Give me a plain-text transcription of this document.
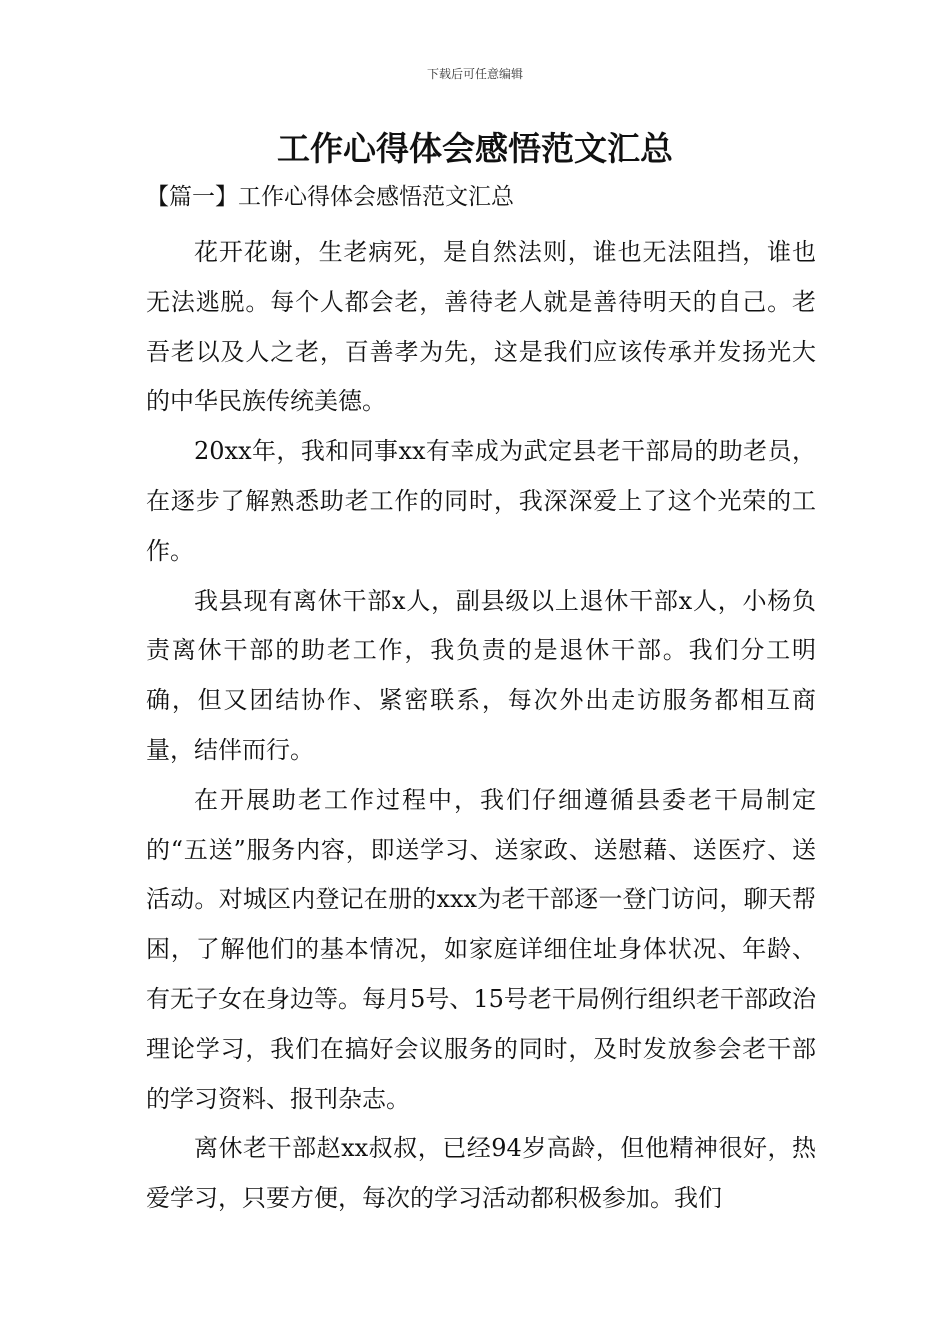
下载后可任意编辑
工作心得体会感悟范文汇总
【篇一】工作心得体会感悟范文汇总

花开花谢，生老病死，是自然法则，谁也无法阻挡，谁也无法逃脱。每个人都会老，善待老人就是善待明天的自己。老吾老以及人之老，百善孝为先，这是我们应该传承并发扬光大的中华民族传统美德。

20xx年，我和同事xx有幸成为武定县老干部局的助老员，在逐步了解熟悉助老工作的同时，我深深爱上了这个光荣的工作。

我县现有离休干部x人，副县级以上退休干部x人，小杨负责离休干部的助老工作，我负责的是退休干部。我们分工明确，但又团结协作、紧密联系，每次外出走访服务都相互商量，结伴而行。

在开展助老工作过程中，我们仔细遵循县委老干局制定的“五送”服务内容，即送学习、送家政、送慰藉、送医疗、送活动。对城区内登记在册的xxx为老干部逐一登门访问，聊天帮困，了解他们的基本情况，如家庭详细住址身体状况、年龄、有无子女在身边等。每月5号、15号老干局例行组织老干部政治理论学习，我们在搞好会议服务的同时，及时发放参会老干部的学习资料、报刊杂志。

离休老干部赵xx叔叔，已经94岁高龄，但他精神很好，热爱学习，只要方便，每次的学习活动都积极参加。我们
